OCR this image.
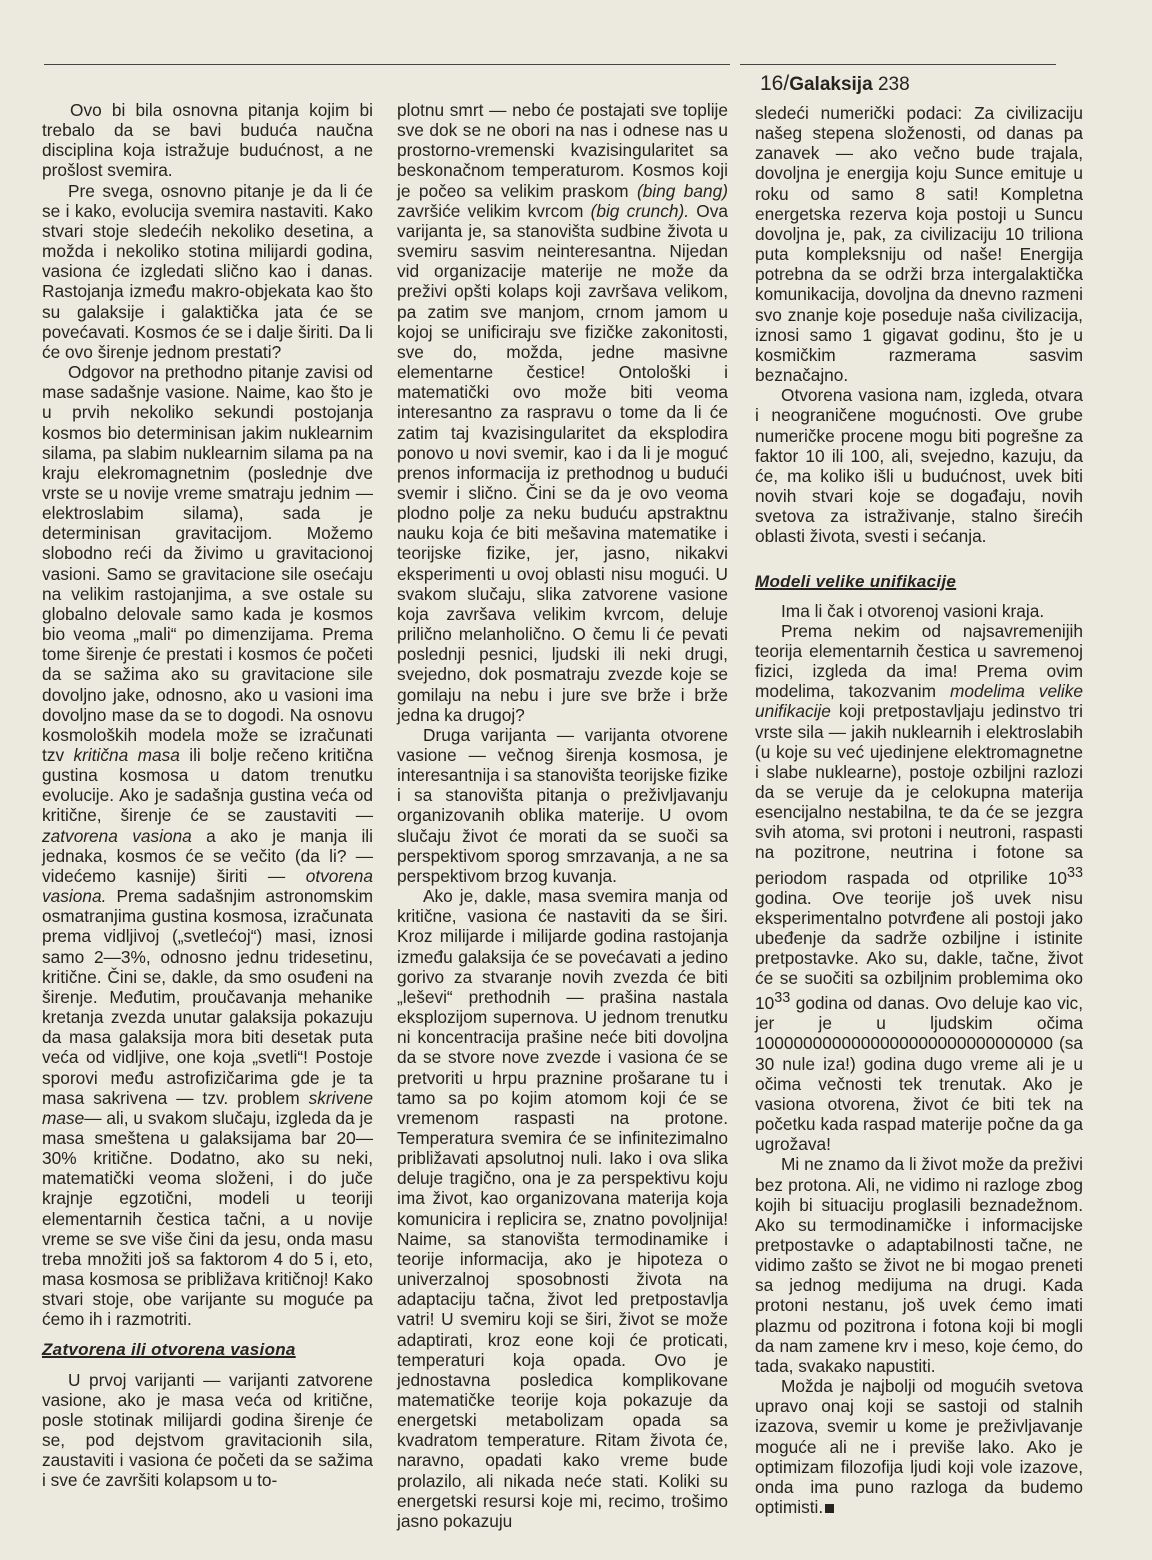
16/Galaksija 238

Ovo bi bila osnovna pitanja kojim bi trebalo da se bavi buduća naučna disciplina koja istražuje budućnost, a ne prošlost svemira.

Pre svega, osnovno pitanje je da li će se i kako, evolucija svemira nastaviti. Kako stvari stoje sledećih nekoliko desetina, a možda i nekoliko stotina milijardi godina, vasiona će izgledati slično kao i danas. Rastojanja između makro-objekata kao što su galaksije i galaktička jata će se povećavati. Kosmos će se i dalje širiti. Da li će ovo širenje jednom prestati?

Odgovor na prethodno pitanje zavisi od mase sadašnje vasione. Naime, kao što je u prvih nekoliko sekundi postojanja kosmos bio determinisan jakim nuklearnim silama, pa slabim nuklearnim silama pa na kraju elekromagnetnim (poslednje dve vrste se u novije vreme smatraju jednim — elektroslabim silama), sada je determinisan gravitacijom. Možemo slobodno reći da živimo u gravitacionoj vasioni. Samo se gravitacione sile osećaju na velikim rastojanjima, a sve ostale su globalno delovale samo kada je kosmos bio veoma „mali“ po dimenzijama. Prema tome širenje će prestati i kosmos će početi da se sažima ako su gravitacione sile dovoljno jake, odnosno, ako u vasioni ima dovoljno mase da se to dogodi. Na osnovu kosmoloških modela može se izračunati tzv kritična masa ili bolje rečeno kritična gustina kosmosa u datom trenutku evolucije. Ako je sadašnja gustina veća od kritične, širenje će se zaustaviti — zatvorena vasiona a ako je manja ili jednaka, kosmos će se večito (da li? — videćemo kasnije) širiti — otvorena vasiona. Prema sadašnjim astronomskim osmatranjima gustina kosmosa, izračunata prema vidljivoj („svetlećoj“) masi, iznosi samo 2—3%, odnosno jednu tridesetinu, kritične. Čini se, dakle, da smo osuđeni na širenje. Međutim, proučavanja mehanike kretanja zvezda unutar galaksija pokazuju da masa galaksija mora biti desetak puta veća od vidljive, one koja „svetli“! Postoje sporovi među astrofizičarima gde je ta masa sakrivena — tzv. problem skrivene mase— ali, u svakom slučaju, izgleda da je masa smeštena u galaksijama bar 20—30% kritične. Dodatno, ako su neki, matematički veoma složeni, i do juče krajnje egzotični, modeli u teoriji elementarnih čestica tačni, a u novije vreme se sve više čini da jesu, onda masu treba množiti još sa faktorom 4 do 5 i, eto, masa kosmosa se približava kritičnoj! Kako stvari stoje, obe varijante su moguće pa ćemo ih i razmotriti.

Zatvorena ili otvorena vasiona

U prvoj varijanti — varijanti zatvorene vasione, ako je masa veća od kritične, posle stotinak milijardi godina širenje će se, pod dejstvom gravitacionih sila, zaustaviti i vasiona će početi da se sažima i sve će završiti kolapsom u to-

plotnu smrt — nebo će postajati sve toplije sve dok se ne obori na nas i odnese nas u prostorno-vremenski kvazisingularitet sa beskonačnom temperaturom. Kosmos koji je počeo sa velikim praskom (bing bang) završiće velikim kvrcom (big crunch). Ova varijanta je, sa stanovišta sudbine života u svemiru sasvim neinteresantna. Nijedan vid organizacije materije ne može da preživi opšti kolaps koji završava velikom, pa zatim sve manjom, crnom jamom u kojoj se unificiraju sve fizičke zakonitosti, sve do, možda, jedne masivne elementarne čestice! Ontološki i matematički ovo može biti veoma interesantno za raspravu o tome da li će zatim taj kvazisingularitet da eksplodira ponovo u novi svemir, kao i da li je moguć prenos informacija iz prethodnog u budući svemir i slično. Čini se da je ovo veoma plodno polje za neku buduću apstraktnu nauku koja će biti mešavina matematike i teorijske fizike, jer, jasno, nikakvi eksperimenti u ovoj oblasti nisu mogući. U svakom slučaju, slika zatvorene vasione koja završava velikim kvrcom, deluje prilično melanholično. O čemu li će pevati poslednji pesnici, ljudski ili neki drugi, svejedno, dok posmatraju zvezde koje se gomilaju na nebu i jure sve brže i brže jedna ka drugoj?

Druga varijanta — varijanta otvorene vasione — večnog širenja kosmosa, je interesantnija i sa stanovišta teorijske fizike i sa stanovišta pitanja o preživljavanju organizovanih oblika materije. U ovom slučaju život će morati da se suoči sa perspektivom sporog smrzavanja, a ne sa perspektivom brzog kuvanja.

Ako je, dakle, masa svemira manja od kritične, vasiona će nastaviti da se širi. Kroz milijarde i milijarde godina rastojanja između galaksija će se povećavati a jedino gorivo za stvaranje novih zvezda će biti „leševi“ prethodnih — prašina nastala eksplozijom supernova. U jednom trenutku ni koncentracija prašine neće biti dovoljna da se stvore nove zvezde i vasiona će se pretvoriti u hrpu praznine prošarane tu i tamo sa po kojim atomom koji će se vremenom raspasti na protone. Temperatura svemira će se infinitezimalno približavati apsolutnoj nuli. Iako i ova slika deluje tragično, ona je za perspektivu koju ima život, kao organizovana materija koja komunicira i replicira se, znatno povoljnija! Naime, sa stanovišta termodinamike i teorije informacija, ako je hipoteza o univerzalnoj sposobnosti života na adaptaciju tačna, život led pretpostavlja vatri! U svemiru koji se širi, život se može adaptirati, kroz eone koji će proticati, temperaturi koja opada. Ovo je jednostavna posledica komplikovane matematičke teorije koja pokazuje da energetski metabolizam opada sa kvadratom temperature. Ritam života će, naravno, opadati kako vreme bude prolazilo, ali nikada neće stati. Koliki su energetski resursi koje mi, recimo, trošimo jasno pokazuju

sledeći numerički podaci: Za civilizaciju našeg stepena složenosti, od danas pa zanavek — ako večno bude trajala, dovoljna je energija koju Sunce emituje u roku od samo 8 sati! Kompletna energetska rezerva koja postoji u Suncu dovoljna je, pak, za civilizaciju 10 triliona puta kompleksniju od naše! Energija potrebna da se održi brza intergalaktička komunikacija, dovoljna da dnevno razmeni svo znanje koje poseduje naša civilizacija, iznosi samo 1 gigavat godinu, što je u kosmičkim razmerama sasvim beznačajno.

Otvorena vasiona nam, izgleda, otvara i neograničene mogućnosti. Ove grube numeričke procene mogu biti pogrešne za faktor 10 ili 100, ali, svejedno, kazuju, da će, ma koliko išli u budućnost, uvek biti novih stvari koje se događaju, novih svetova za istraživanje, stalno širećih oblasti života, svesti i sećanja.

Modeli velike unifikacije

Ima li čak i otvorenoj vasioni kraja.

Prema nekim od najsavremenijih teorija elementarnih čestica u savremenoj fizici, izgleda da ima! Prema ovim modelima, takozvanim modelima velike unifikacije koji pretpostavljaju jedinstvo tri vrste sila — jakih nuklearnih i elektroslabih (u koje su već ujedinjene elektromagnetne i slabe nuklearne), postoje ozbiljni razlozi da se veruje da je celokupna materija esencijalno nestabilna, te da će se jezgra svih atoma, svi protoni i neutroni, raspasti na pozitrone, neutrina i fotone sa periodom raspada od otprilike $10^{33}$ godina. Ove teorije još uvek nisu eksperimentalno potvrđene ali postoji jako ubeđenje da sadrže ozbiljne i istinite pretpostavke. Ako su, dakle, tačne, život će se suočiti sa ozbiljnim problemima oko $10^{33}$ godina od danas. Ovo deluje kao vic, jer je u ljudskim očima 1000000000000000000000000000000 (sa 30 nule iza!) godina dugo vreme ali je u očima večnosti tek trenutak. Ako je vasiona otvorena, život će biti tek na početku kada raspad materije počne da ga ugrožava!

Mi ne znamo da li život može da preživi bez protona. Ali, ne vidimo ni razloge zbog kojih bi situaciju proglasili beznadežnom. Ako su termodinamičke i informacijske pretpostavke o adaptabilnosti tačne, ne vidimo zašto se život ne bi mogao preneti sa jednog medijuma na drugi. Kada protoni nestanu, još uvek ćemo imati plazmu od pozitrona i fotona koji bi mogli da nam zamene krv i meso, koje ćemo, do tada, svakako napustiti.

Možda je najbolji od mogućih svetova upravo onaj koji se sastoji od stalnih izazova, svemir u kome je preživljavanje moguće ali ne i previše lako. Ako je optimizam filozofija ljudi koji vole izazove, onda ima puno razloga da budemo optimisti.
